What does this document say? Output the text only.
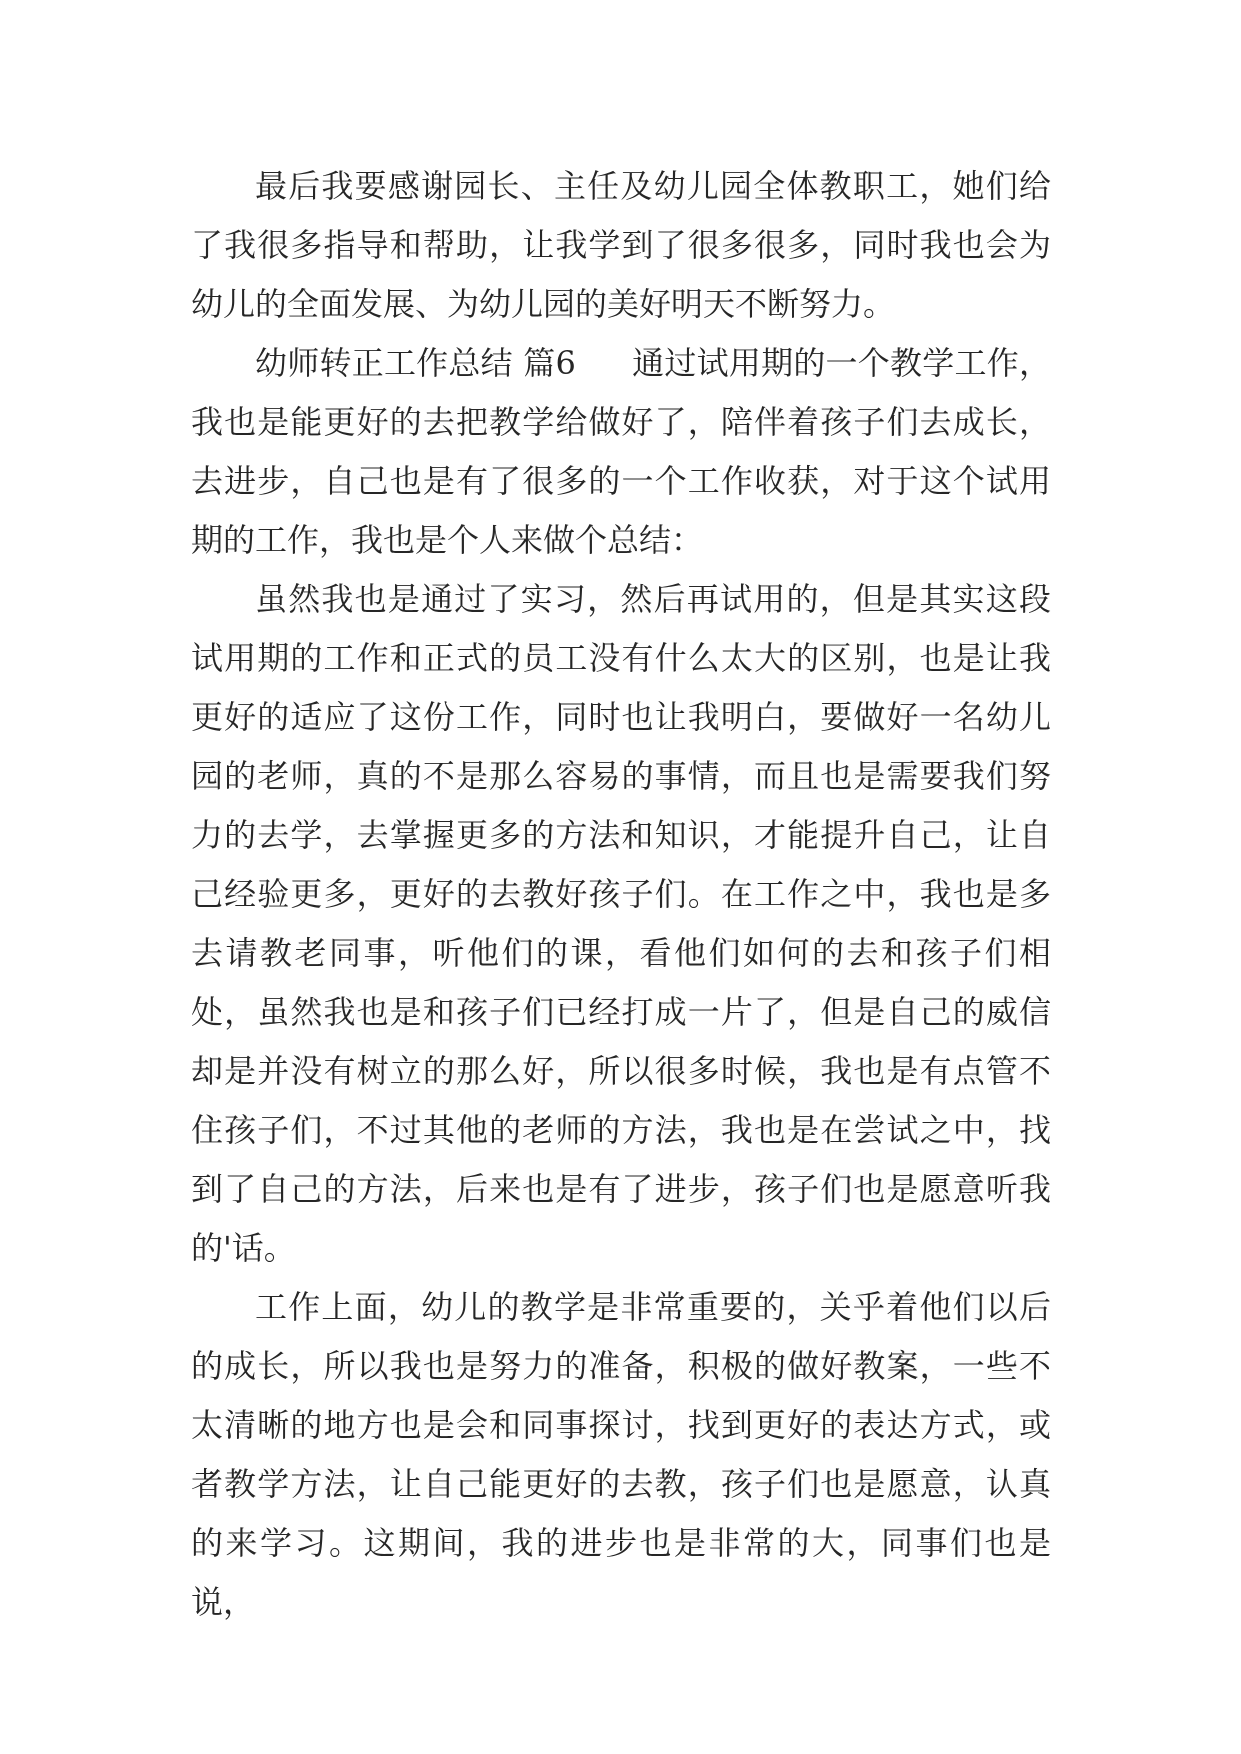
最后我要感谢园长、主任及幼儿园全体教职工，她们给了我很多指导和帮助，让我学到了很多很多，同时我也会为幼儿的全面发展、为幼儿园的美好明天不断努力。

幼师转正工作总结 篇6 通过试用期的一个教学工作，我也是能更好的去把教学给做好了，陪伴着孩子们去成长，去进步，自己也是有了很多的一个工作收获，对于这个试用期的工作，我也是个人来做个总结：

虽然我也是通过了实习，然后再试用的，但是其实这段试用期的工作和正式的员工没有什么太大的区别，也是让我更好的适应了这份工作，同时也让我明白，要做好一名幼儿园的老师，真的不是那么容易的事情，而且也是需要我们努力的去学，去掌握更多的方法和知识，才能提升自己，让自己经验更多，更好的去教好孩子们。在工作之中，我也是多去请教老同事，听他们的课，看他们如何的去和孩子们相处，虽然我也是和孩子们已经打成一片了，但是自己的威信却是并没有树立的那么好，所以很多时候，我也是有点管不住孩子们，不过其他的老师的方法，我也是在尝试之中，找到了自己的方法，后来也是有了进步，孩子们也是愿意听我的'话。

工作上面，幼儿的教学是非常重要的，关乎着他们以后的成长，所以我也是努力的准备，积极的做好教案，一些不太清晰的地方也是会和同事探讨，找到更好的表达方式，或者教学方法，让自己能更好的去教，孩子们也是愿意，认真的来学习。这期间，我的进步也是非常的大，同事们也是说，
